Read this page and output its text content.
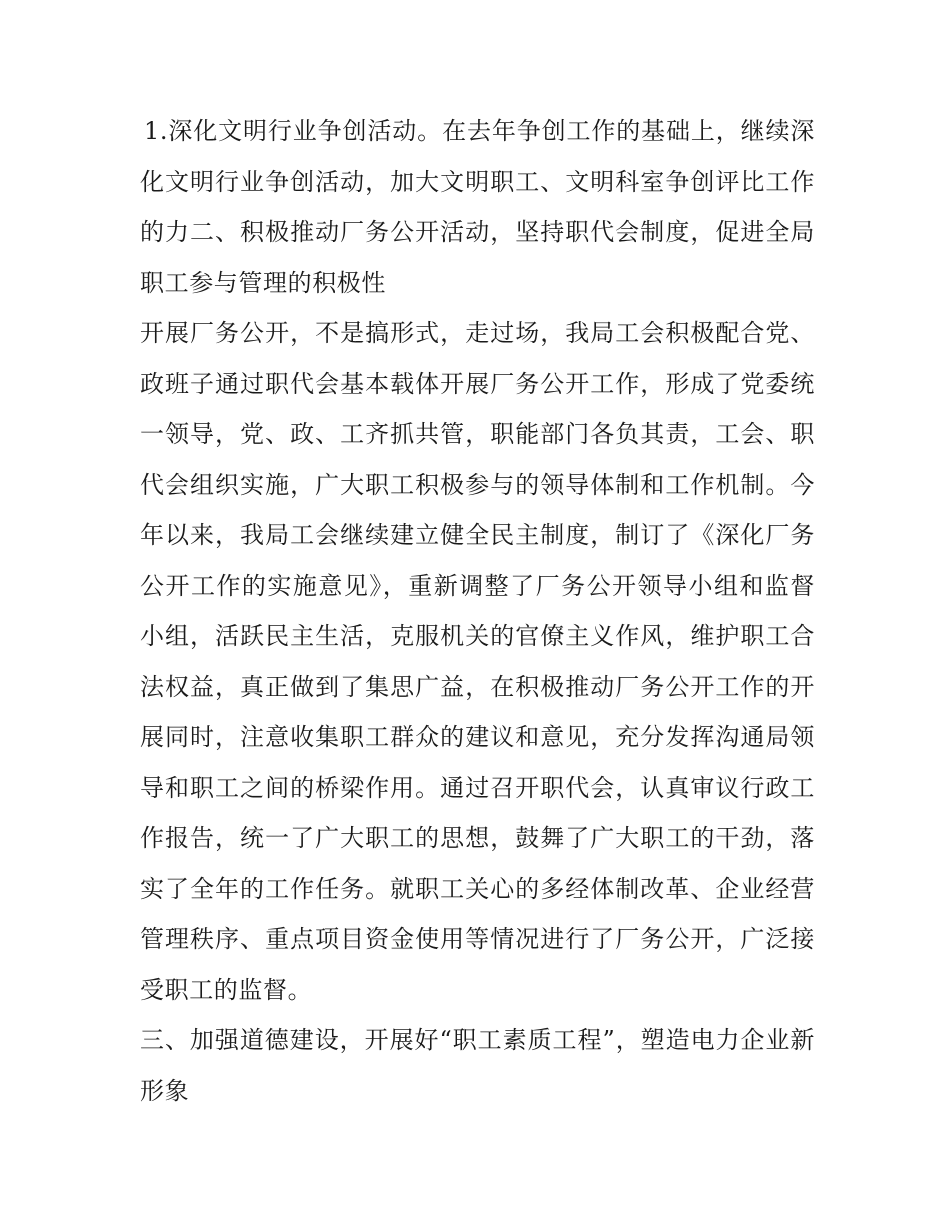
1.深化文明行业争创活动。在去年争创工作的基础上，继续深化文明行业争创活动，加大文明职工、文明科室争创评比工作的力二、积极推动厂务公开活动，坚持职代会制度，促进全局职工参与管理的积极性

开展厂务公开，不是搞形式，走过场，我局工会积极配合党、政班子通过职代会基本载体开展厂务公开工作，形成了党委统一领导，党、政、工齐抓共管，职能部门各负其责，工会、职代会组织实施，广大职工积极参与的领导体制和工作机制。今年以来，我局工会继续建立健全民主制度，制订了《深化厂务公开工作的实施意见》，重新调整了厂务公开领导小组和监督小组，活跃民主生活，克服机关的官僚主义作风，维护职工合法权益，真正做到了集思广益，在积极推动厂务公开工作的开展同时，注意收集职工群众的建议和意见，充分发挥沟通局领导和职工之间的桥梁作用。通过召开职代会，认真审议行政工作报告，统一了广大职工的思想，鼓舞了广大职工的干劲，落实了全年的工作任务。就职工关心的多经体制改革、企业经营管理秩序、重点项目资金使用等情况进行了厂务公开，广泛接受职工的监督。

三、加强道德建设，开展好“职工素质工程”，塑造电力企业新形象
